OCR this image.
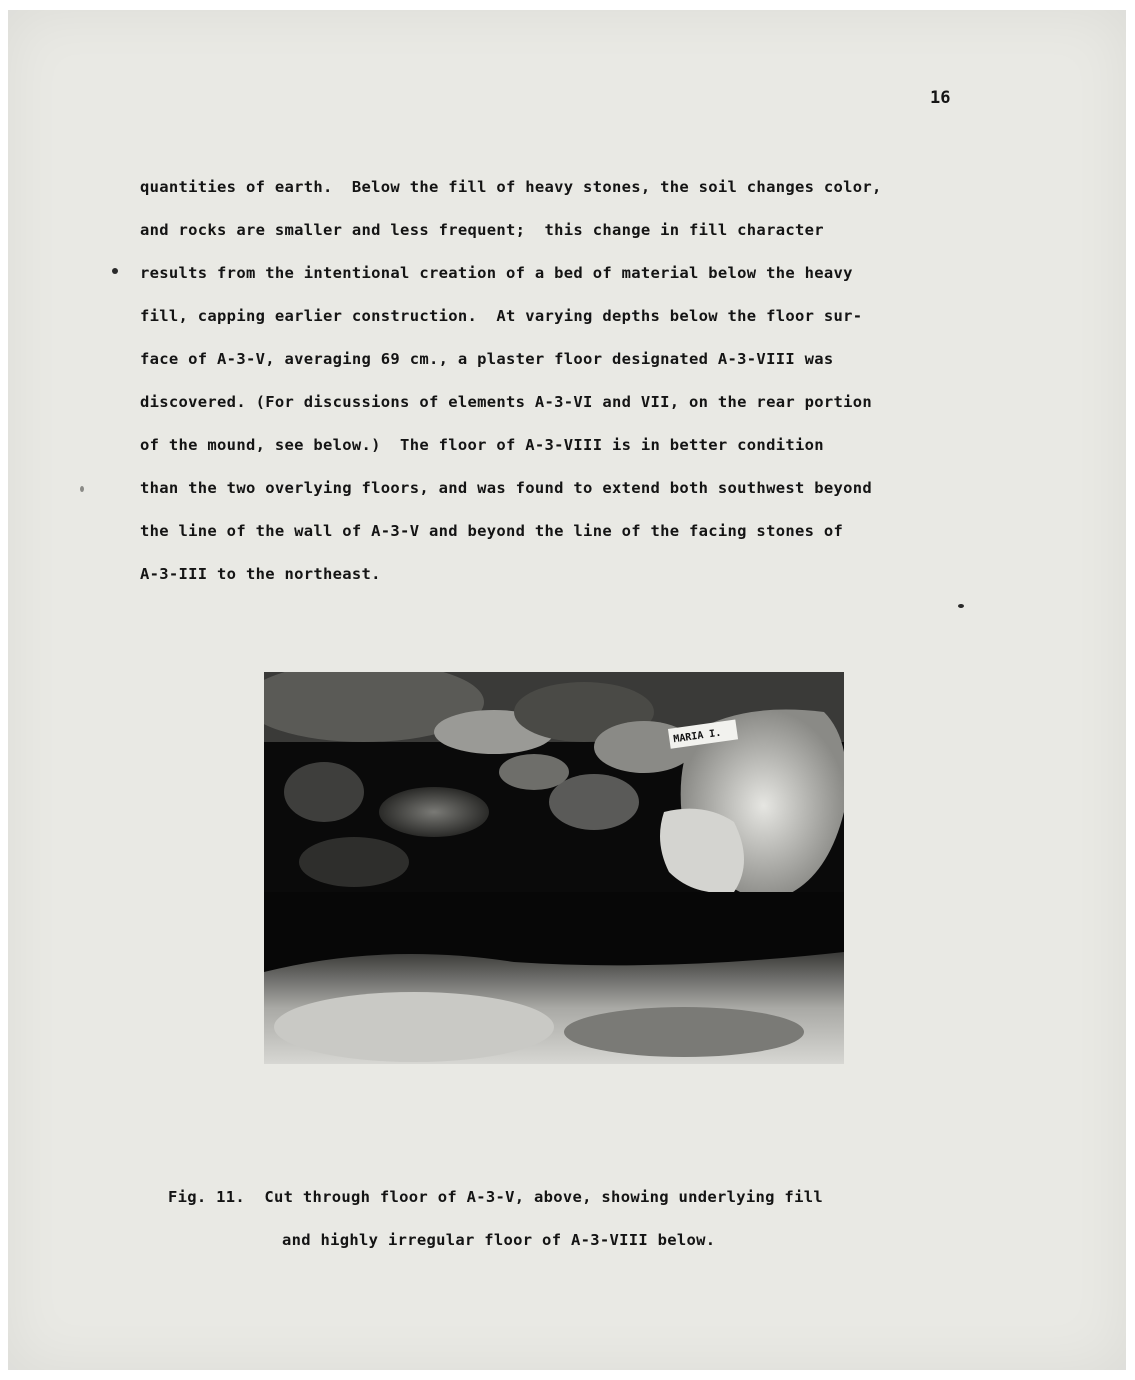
16
quantities of earth.  Below the fill of heavy stones, the soil changes color,
and rocks are smaller and less frequent;  this change in fill character
results from the intentional creation of a bed of material below the heavy
fill, capping earlier construction.  At varying depths below the floor sur-
face of A-3-V, averaging 69 cm., a plaster floor designated A-3-VIII was
discovered. (For discussions of elements A-3-VI and VII, on the rear portion
of the mound, see below.)  The floor of A-3-VIII is in better condition
than the two overlying floors, and was found to extend both southwest beyond
the line of the wall of A-3-V and beyond the line of the facing stones of
A-3-III to the northeast.
MARIA I.
Fig. 11.  Cut through floor of A-3-V, above, showing underlying fill
and highly irregular floor of A-3-VIII below.
